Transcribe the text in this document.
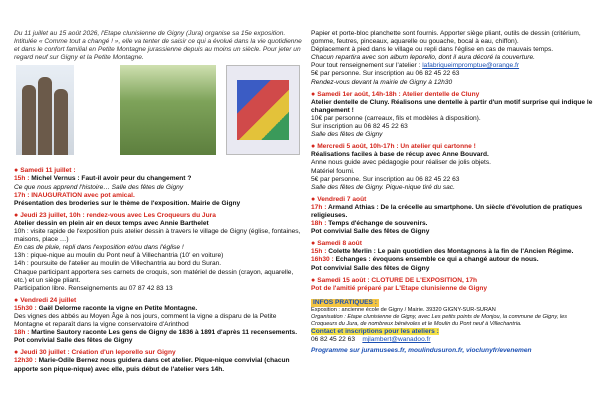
Du 11 juillet au 15 août 2026, l'Etape clunisienne de Gigny (Jura) organise sa 15e exposition. Intitulée « Comme tout a changé ! », elle va tenter de saisir ce qui a évolué dans la vie quotidienne et dans le confort familial en Petite Montagne jurassienne depuis au moins un siècle. Pour jeter un regard neuf sur Gigny et la Petite Montagne.
● Samedi 11 juillet :
15h : Michel Vernus : Faut-il avoir peur du changement ?
Ce que nous apprend l'histoire… Salle des fêtes de Gigny
17h : INAUGURATION avec pot amical.
Présentation des broderies sur le thème de l'exposition. Mairie de Gigny
● Jeudi 23 juillet, 10h : rendez-vous avec Les Croqueurs du Jura
Atelier dessin en plein air en deux temps avec Annie Barthelet
10h : visite rapide de l'exposition puis atelier dessin à travers le village de Gigny (église, fontaines, maisons, place …)
En cas de pluie, repli dans l'exposition et/ou dans l'église !
13h : pique-nique au moulin du Pont neuf à Villechantria (10' en voiture)
14h : poursuite de l'atelier au moulin de Villechantria au bord du Suran.
Chaque participant apportera ses carnets de croquis, son matériel de dessin (crayon, aquarelle, etc.) et un siège pliant.
Participation libre. Renseignements au 07 87 42 83 13
● Vendredi 24 juillet
15h30 : Gaël Delorme raconte la vigne en Petite Montagne.
Des vignes des abbés au Moyen Âge à nos jours, comment la vigne a disparu de la Petite Montagne et reparaît dans la vigne conservatoire d'Arinthod
18h : Martine Sautory raconte Les gens de Gigny de 1836 à 1891 d'après 11 recensements.
Pot convivial Salle des fêtes de Gigny
● Jeudi 30 juillet : Création d'un leporello sur Gigny
12h30 : Marie-Odile Bernez nous guidera dans cet atelier. Pique-nique convivial (chacun apporte son pique-nique) avec elle, puis début de l'atelier vers 14h.
Papier et porte-bloc planchette sont fournis. Apporter siège pliant, outils de dessin (critérium, gomme, feutres, pinceaux, aquarelle ou gouache, bocal à eau, chiffon).
Déplacement à pied dans le village ou repli dans l'église en cas de mauvais temps.
Chacun repartira avec son album leporello, dont il aura décoré la couverture.
Pour tout renseignement sur l'atelier : lafabriqueimpromptue@orange.fr
5€ par personne. Sur inscription au 06 82 45 22 63
Rendez-vous devant la mairie de Gigny à 12h30
● Samedi 1er août, 14h-18h : Atelier dentelle de Cluny
Atelier dentelle de Cluny. Réalisons une dentelle à partir d'un motif surprise qui indique le changement !
10€ par personne (carreaux, fils et modèles à disposition).
Sur inscription au 06 82 45 22 63
Salle des fêtes de Gigny
● Mercredi 5 août, 10h-17h : Un atelier qui cartonne !
Réalisations faciles à base de récup avec Anne Bouvard.
Anne nous guide avec pédagogie pour réaliser de jolis objets.
Matériel fourni.
5€ par personne. Sur inscription au 06 82 45 22 63
Salle des fêtes de Gigny. Pique-nique tiré du sac.
● Vendredi 7 août
17h : Armand Athias : De la crécelle au smartphone. Un siècle d'évolution de pratiques religieuses.
18h : Temps d'échange de souvenirs.
Pot convivial Salle des fêtes de Gigny
● Samedi 8 août
15h : Colette Merlin : Le pain quotidien des Montagnons à la fin de l'Ancien Régime.
16h30 : Echanges : évoquons ensemble ce qui a changé autour de nous.
Pot convivial Salle des fêtes de Gigny
● Samedi 15 août : CLOTURE DE L'EXPOSITION, 17h
Pot de l'amitié préparé par L'Etape clunisienne de Gigny
INFOS PRATIQUES :
Exposition : ancienne école de Gigny / Mairie. 39320 GIGNY-SUR-SURAN
Organisation : Etape clunisienne de Gigny, avec Les petits points de Monjou, la commune de Gigny, les Croqueurs du Jura, de nombreux bénévoles et le Moulin du Pont neuf à Villechantria.
Contact et inscriptions pour les ateliers :
06 82 45 22 63 mjlambert@wanadoo.fr
Programme sur juramusees.fr, moulindusuron.fr, vioclunyfr/evenemen
